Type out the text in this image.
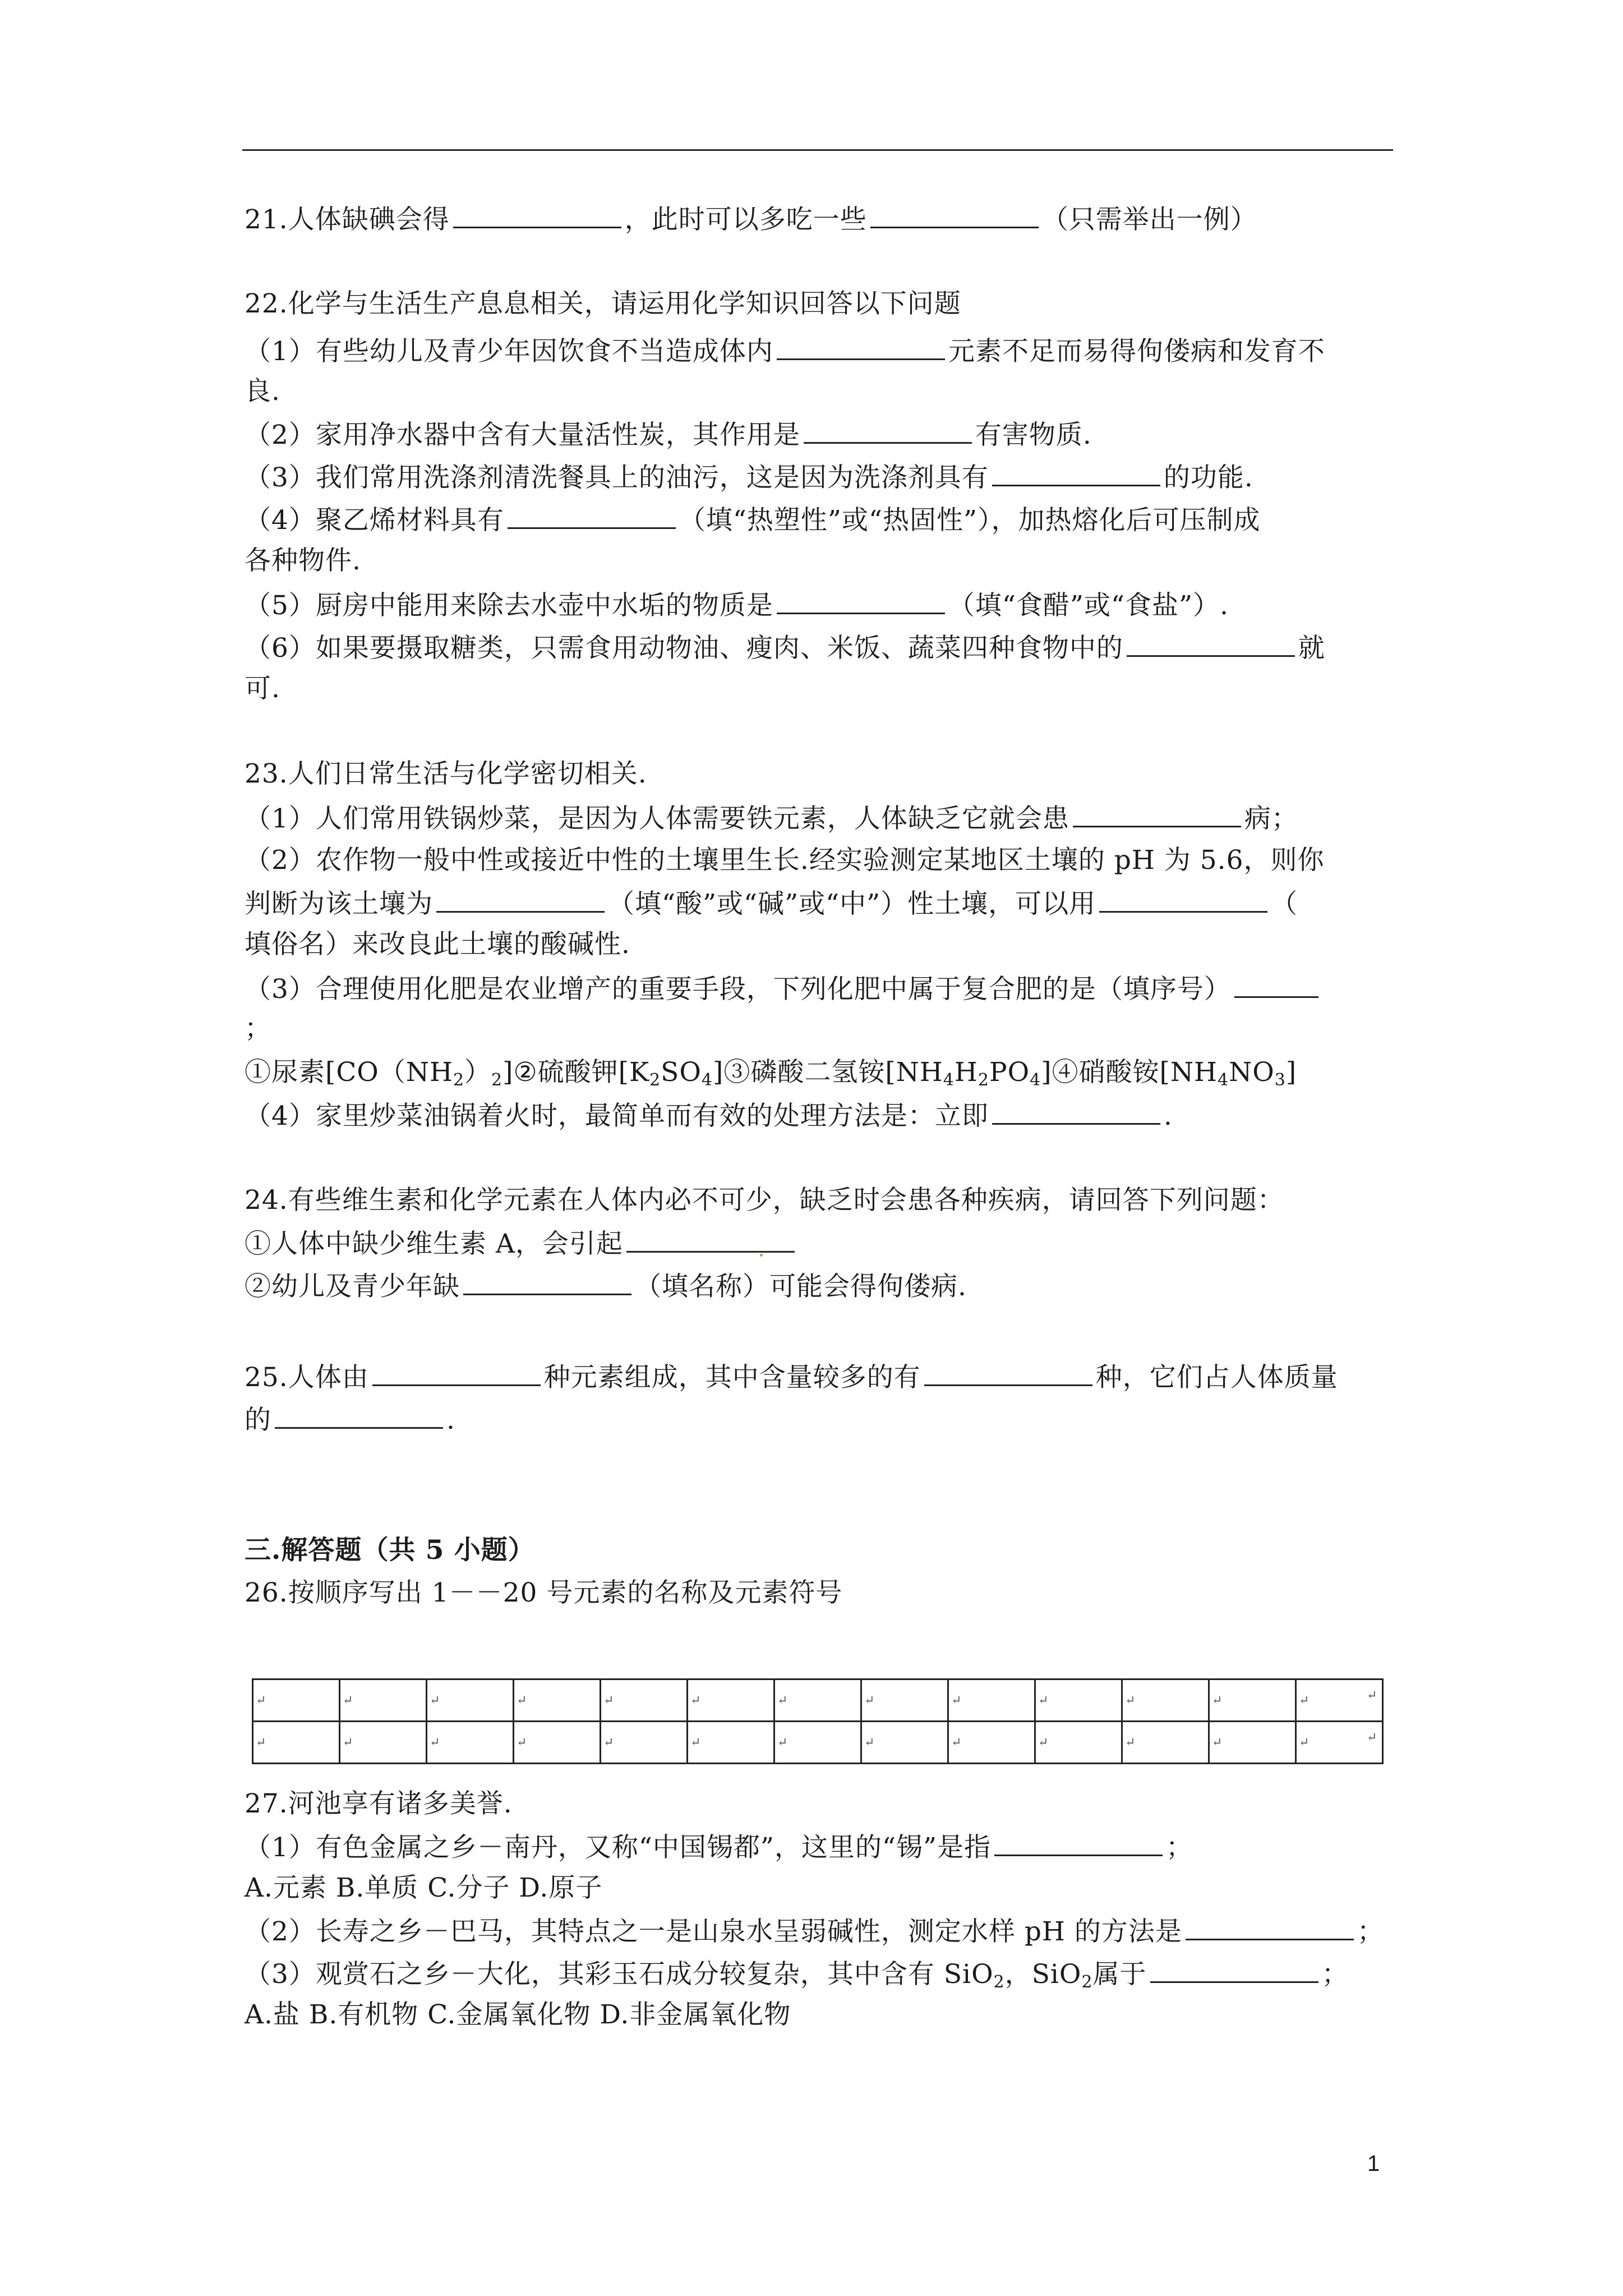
21.人体缺碘会得	，此时可以多吃一些	（只需举出一例）
22.化学与生活生产息息相关，请运用化学知识回答以下问题
（1）有些幼儿及青少年因饮食不当造成体内	元素不足而易得佝偻病和发育不
良.
（2）家用净水器中含有大量活性炭，其作用是	有害物质.
（3）我们常用洗涤剂清洗餐具上的油污，这是因为洗涤剂具有	的功能.
（4）聚乙烯材料具有	（填“热塑性”或“热固性”），加热熔化后可压制成
各种物件.
（5）厨房中能用来除去水壶中水垢的物质是	（填“食醋”或“食盐”）.
（6）如果要摄取糖类，只需食用动物油、瘦肉、米饭、蔬菜四种食物中的	就
可.
23.人们日常生活与化学密切相关.
（1）人们常用铁锅炒菜，是因为人体需要铁元素，人体缺乏它就会患	病；
（2）农作物一般中性或接近中性的土壤里生长.经实验测定某地区土壤的 pH 为 5.6，则你
判断为该土壤为	（填“酸”或“碱”或“中”）性土壤，可以用	（
填俗名）来改良此土壤的酸碱性.
（3）合理使用化肥是农业增产的重要手段，下列化肥中属于复合肥的是（填序号）
；
①尿素$[CO(NH_2)_2]②$硫酸钾$[K_2SO_4]③$磷酸二氢铵$[NH_4H_2PO_4]④$硝酸铵$[NH_4NO_3]$
（4）家里炒菜油锅着火时，最简单而有效的处理方法是：立即	.
24.有些维生素和化学元素在人体内必不可少，缺乏时会患各种疾病，请回答下列问题：
①人体中缺少维生素 A，会引起
②幼儿及青少年缺	（填名称）可能会得佝偻病.
25.人体由	种元素组成，其中含量较多的有	种，它们占人体质量
的	.
三.解答题（共 5 小题）
26.按顺序写出 1－－20 号元素的名称及元素符号
↵	↵	↵	↵	↵	↵	↵	↵	↵	↵	↵	↵	↵
↵	↵	↵	↵	↵	↵	↵	↵	↵	↵	↵	↵	↵
↵
↵
27.河池享有诸多美誉.
（1）有色金属之乡－南丹，又称“中国锡都”，这里的“锡”是指	；
A.元素 B.单质 C.分子 D.原子
（2）长寿之乡－巴马，其特点之一是山泉水呈弱碱性，测定水样 pH 的方法是	；
（3）观赏石之乡－大化，其彩玉石成分较复杂，其中含有 SiO$_2$，SiO$_2$属于	；
A.盐 B.有机物 C.金属氧化物 D.非金属氧化物
1
